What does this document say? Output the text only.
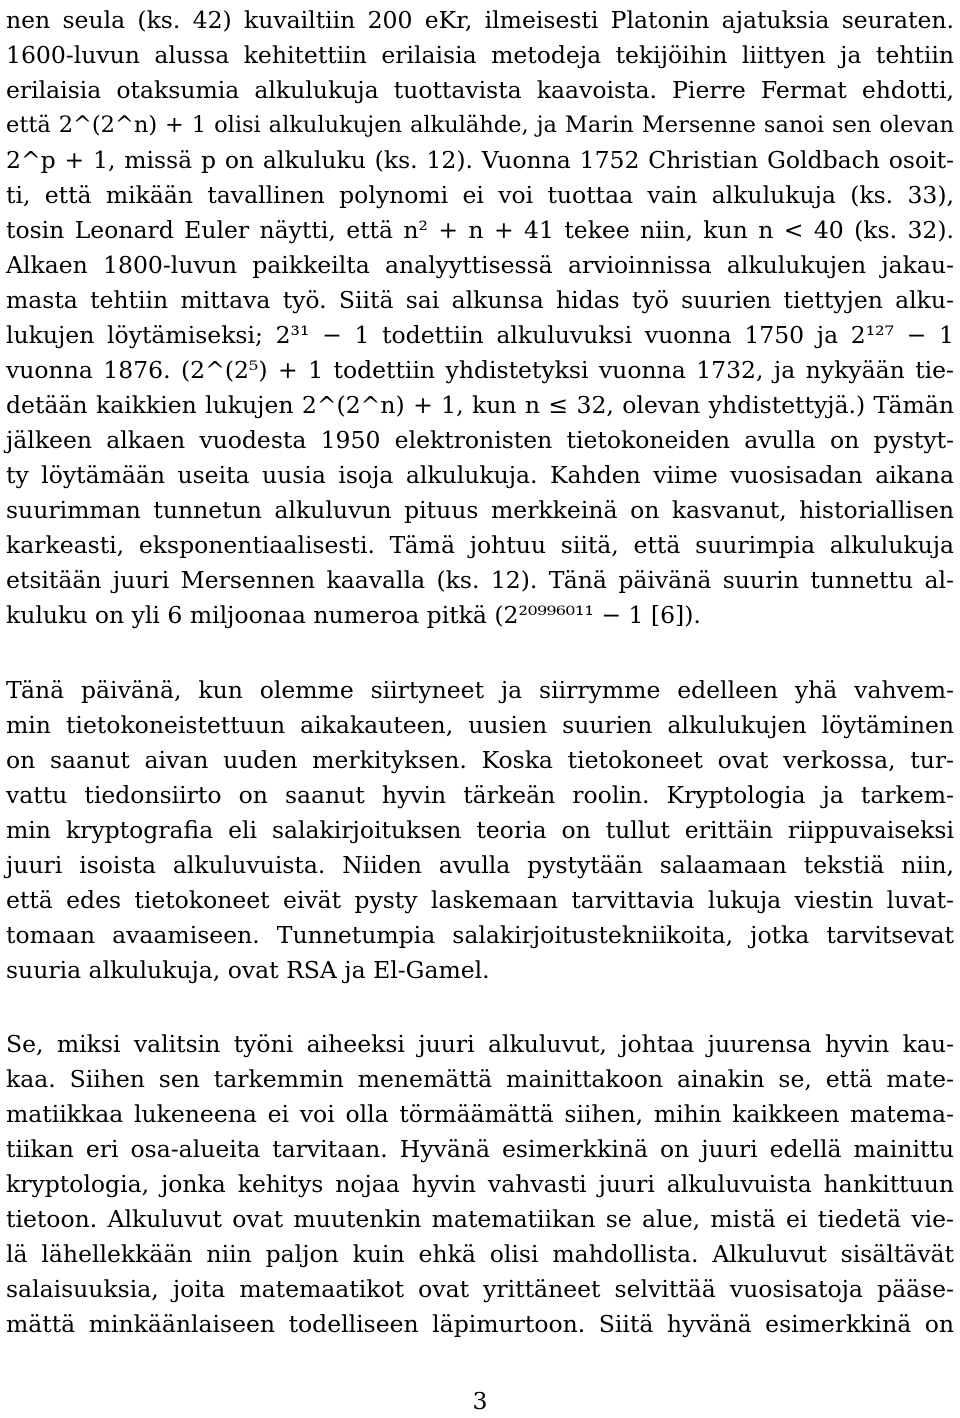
nen seula (ks. 42) kuvailtiin 200 eKr, ilmeisesti Platonin ajatuksia seuraten.
1600-luvun alussa kehitettiin erilaisia metodeja tekijöihin liittyen ja tehtiin
erilaisia otaksumia alkulukuja tuottavista kaavoista. Pierre Fermat ehdotti,
että 2^(2^n) + 1 olisi alkulukujen alkulähde, ja Marin Mersenne sanoi sen olevan
2^p + 1, missä p on alkuluku (ks. 12). Vuonna 1752 Christian Goldbach osoit-
ti, että mikään tavallinen polynomi ei voi tuottaa vain alkulukuja (ks. 33),
tosin Leonard Euler näytti, että n² + n + 41 tekee niin, kun n < 40 (ks. 32).
Alkaen 1800-luvun paikkeilta analyyttisessä arvioinnissa alkulukujen jakau-
masta tehtiin mittava työ. Siitä sai alkunsa hidas työ suurien tiettyjen alku-
lukujen löytämiseksi; 2³¹ − 1 todettiin alkuluvuksi vuonna 1750 ja 2¹²⁷ − 1
vuonna 1876. (2^(2⁵) + 1 todettiin yhdistetyksi vuonna 1732, ja nykyään tie-
detään kaikkien lukujen 2^(2^n) + 1, kun n ≤ 32, olevan yhdistettyjä.) Tämän
jälkeen alkaen vuodesta 1950 elektronisten tietokoneiden avulla on pystyt-
ty löytämään useita uusia isoja alkulukuja. Kahden viime vuosisadan aikana
suurimman tunnetun alkuluvun pituus merkkeinä on kasvanut, historiallisen
karkeasti, eksponentiaalisesti. Tämä johtuu siitä, että suurimpia alkulukuja
etsitään juuri Mersennen kaavalla (ks. 12). Tänä päivänä suurin tunnettu al-
kuluku on yli 6 miljoonaa numeroa pitkä (2²⁰⁹⁹⁶⁰¹¹ − 1 [6]).
Tänä päivänä, kun olemme siirtyneet ja siirrymme edelleen yhä vahvem-
min tietokoneistettuun aikakauteen, uusien suurien alkulukujen löytäminen
on saanut aivan uuden merkityksen. Koska tietokoneet ovat verkossa, tur-
vattu tiedonsiirto on saanut hyvin tärkeän roolin. Kryptologia ja tarkem-
min kryptografia eli salakirjoituksen teoria on tullut erittäin riippuvaiseksi
juuri isoista alkuluvuista. Niiden avulla pystytään salaamaan tekstiä niin,
että edes tietokoneet eivät pysty laskemaan tarvittavia lukuja viestin luvat-
tomaan avaamiseen. Tunnetumpia salakirjoitustekniikoita, jotka tarvitsevat
suuria alkulukuja, ovat RSA ja El-Gamel.
Se, miksi valitsin työni aiheeksi juuri alkuluvut, johtaa juurensa hyvin kau-
kaa. Siihen sen tarkemmin menemättä mainittakoon ainakin se, että mate-
matiikkaa lukeneena ei voi olla törmäämättä siihen, mihin kaikkeen matema-
tiikan eri osa-alueita tarvitaan. Hyvänä esimerkkinä on juuri edellä mainittu
kryptologia, jonka kehitys nojaa hyvin vahvasti juuri alkuluvuista hankittuun
tietoon. Alkuluvut ovat muutenkin matematiikan se alue, mistä ei tiedetä vie-
lä lähellekkään niin paljon kuin ehkä olisi mahdollista. Alkuluvut sisältävät
salaisuuksia, joita matemaatikot ovat yrittäneet selvittää vuosisatoja pääse-
mättä minkäänlaiseen todelliseen läpimurtoon. Siitä hyvänä esimerkkinä on
3
